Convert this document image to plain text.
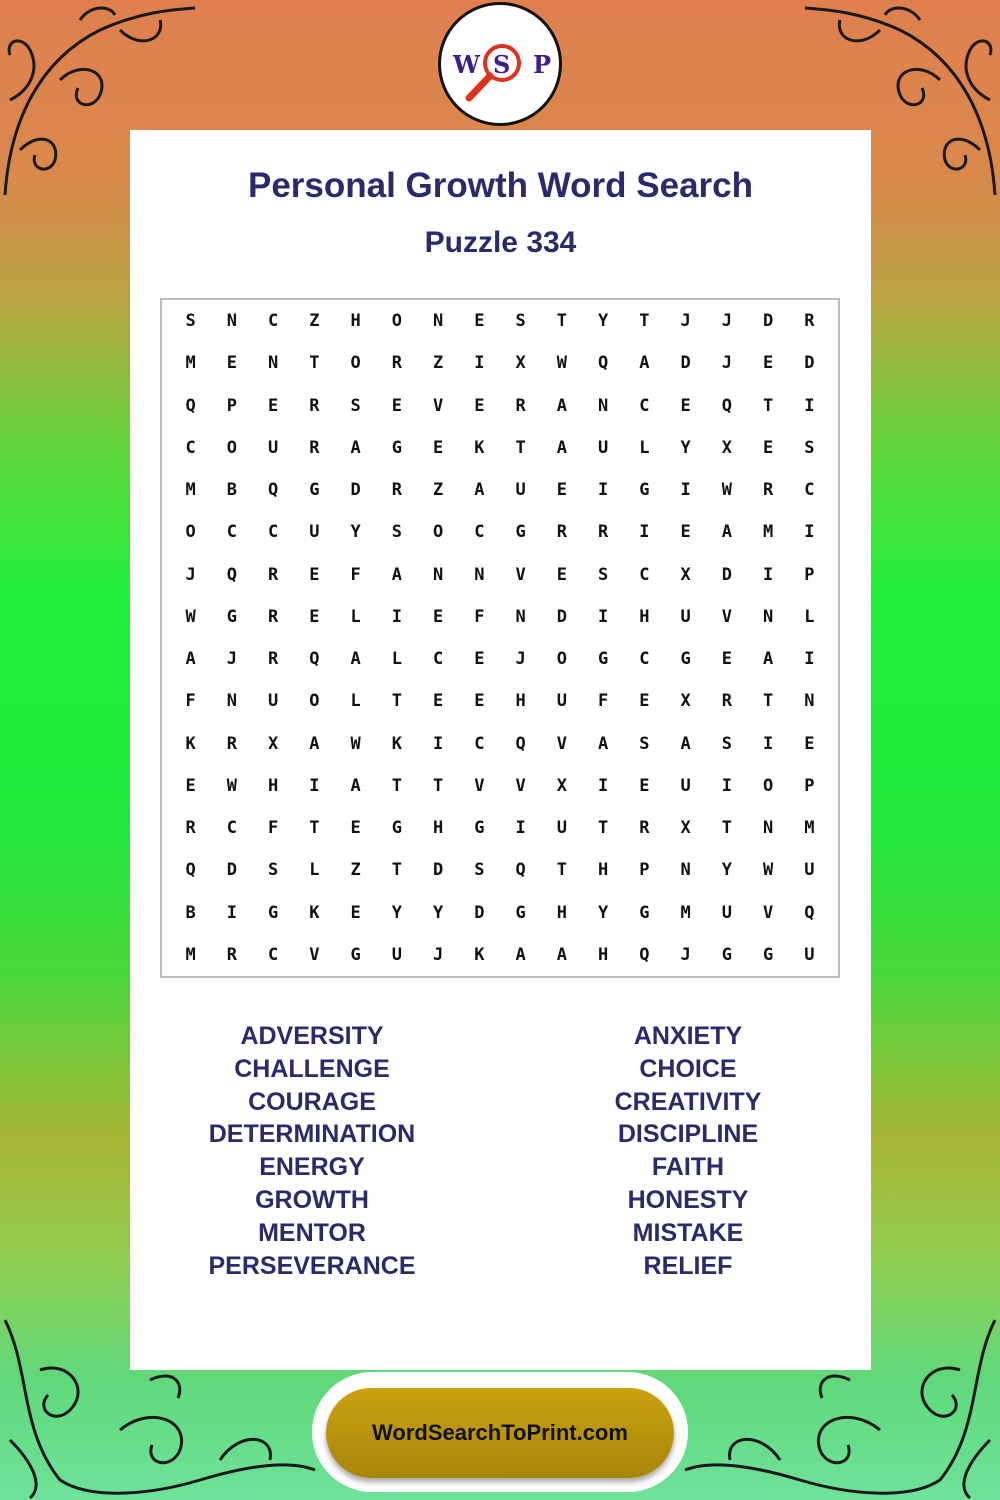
W S P
Personal Growth Word Search
Puzzle 334
S	N	C	Z	H	O	N	E	S	T	Y	T	J	J	D	R
M	E	N	T	O	R	Z	I	X	W	Q	A	D	J	E	D
Q	P	E	R	S	E	V	E	R	A	N	C	E	Q	T	I
C	O	U	R	A	G	E	K	T	A	U	L	Y	X	E	S
M	B	Q	G	D	R	Z	A	U	E	I	G	I	W	R	C
O	C	C	U	Y	S	O	C	G	R	R	I	E	A	M	I
J	Q	R	E	F	A	N	N	V	E	S	C	X	D	I	P
W	G	R	E	L	I	E	F	N	D	I	H	U	V	N	L
A	J	R	Q	A	L	C	E	J	O	G	C	G	E	A	I
F	N	U	O	L	T	E	E	H	U	F	E	X	R	T	N
K	R	X	A	W	K	I	C	Q	V	A	S	A	S	I	E
E	W	H	I	A	T	T	V	V	X	I	E	U	I	O	P
R	C	F	T	E	G	H	G	I	U	T	R	X	T	N	M
Q	D	S	L	Z	T	D	S	Q	T	H	P	N	Y	W	U
B	I	G	K	E	Y	Y	D	G	H	Y	G	M	U	V	Q
M	R	C	V	G	U	J	K	A	A	H	Q	J	G	G	U
ADVERSITY
CHALLENGE
COURAGE
DETERMINATION
ENERGY
GROWTH
MENTOR
PERSEVERANCE
ANXIETY
CHOICE
CREATIVITY
DISCIPLINE
FAITH
HONESTY
MISTAKE
RELIEF
WordSearchToPrint.com
